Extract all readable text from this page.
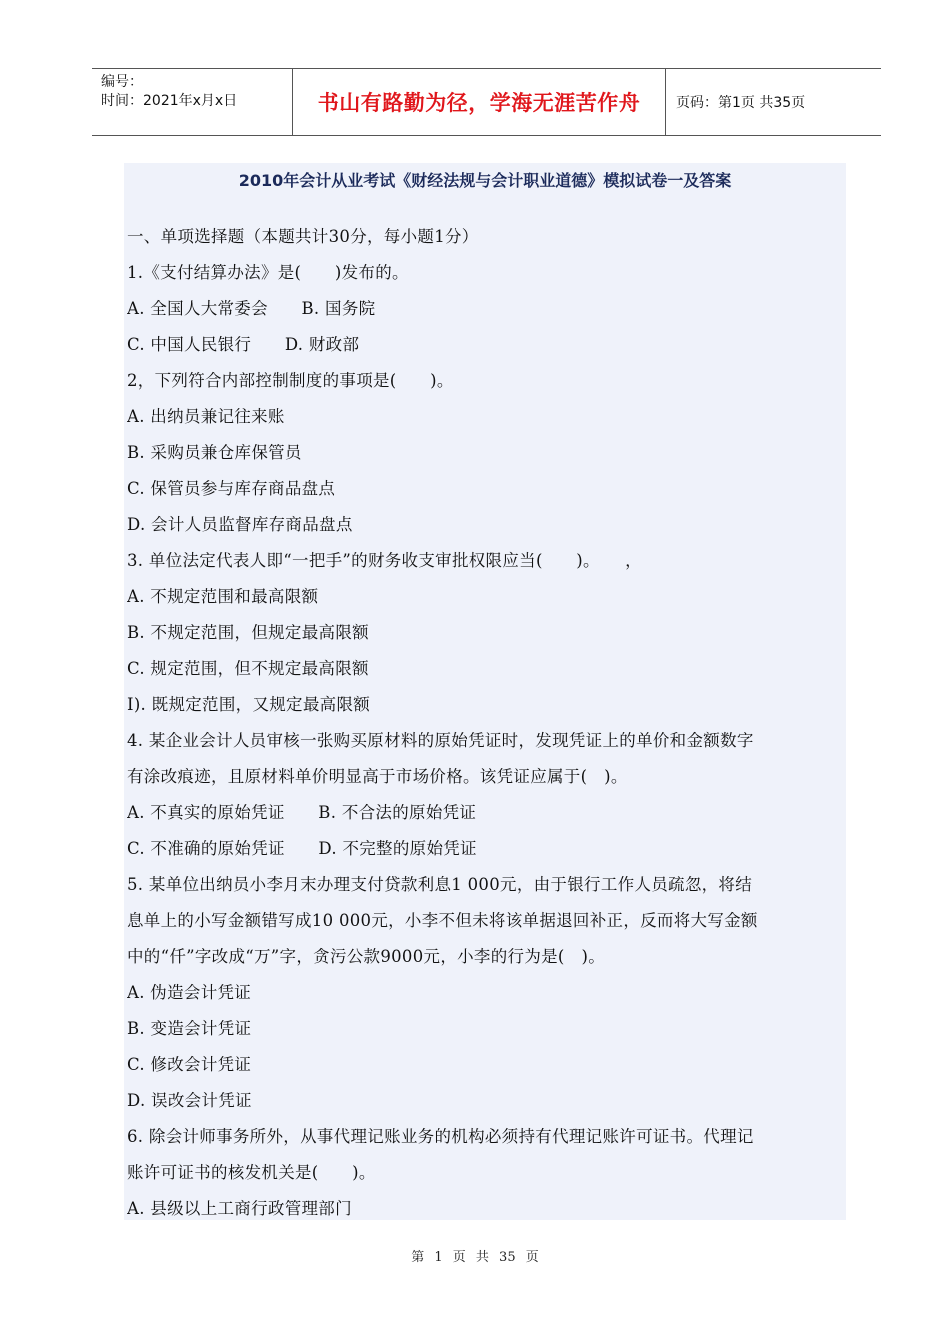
编号：
时间：2021年x月x日	书山有路勤为径，学海无涯苦作舟	页码：第1页 共35页
2010年会计从业考试《财经法规与会计职业道德》模拟试卷一及答案
一、单项选择题（本题共计30分，每小题1分）
1.《支付结算办法》是(　　)发布的。
A. 全国人大常委会　　B. 国务院
C. 中国人民银行　　D. 财政部
2，下列符合内部控制制度的事项是(　　)。
A. 出纳员兼记往来账
B. 采购员兼仓库保管员
C. 保管员参与库存商品盘点
D. 会计人员监督库存商品盘点
3. 单位法定代表人即“一把手”的财务收支审批权限应当(　　)。　　，
A. 不规定范围和最高限额
B. 不规定范围，但规定最高限额
C. 规定范围，但不规定最高限额
I). 既规定范围，又规定最高限额
4. 某企业会计人员审核一张购买原材料的原始凭证时，发现凭证上的单价和金额数字
有涂改痕迹，且原材料单价明显高于市场价格。该凭证应属于(　)。
A. 不真实的原始凭证　　B. 不合法的原始凭证
C. 不准确的原始凭证　　D. 不完整的原始凭证
5. 某单位出纳员小李月末办理支付贷款利息1 000元，由于银行工作人员疏忽，将结
息单上的小写金额错写成10 000元，小李不但未将该单据退回补正，反而将大写金额
中的“仟”字改成“万”字，贪污公款9000元，小李的行为是(　)。
A. 伪造会计凭证
B. 变造会计凭证
C. 修改会计凭证
D. 误改会计凭证
6. 除会计师事务所外，从事代理记账业务的机构必须持有代理记账许可证书。代理记
账许可证书的核发机关是(　　)。
A. 县级以上工商行政管理部门
第 1 页 共 35 页
